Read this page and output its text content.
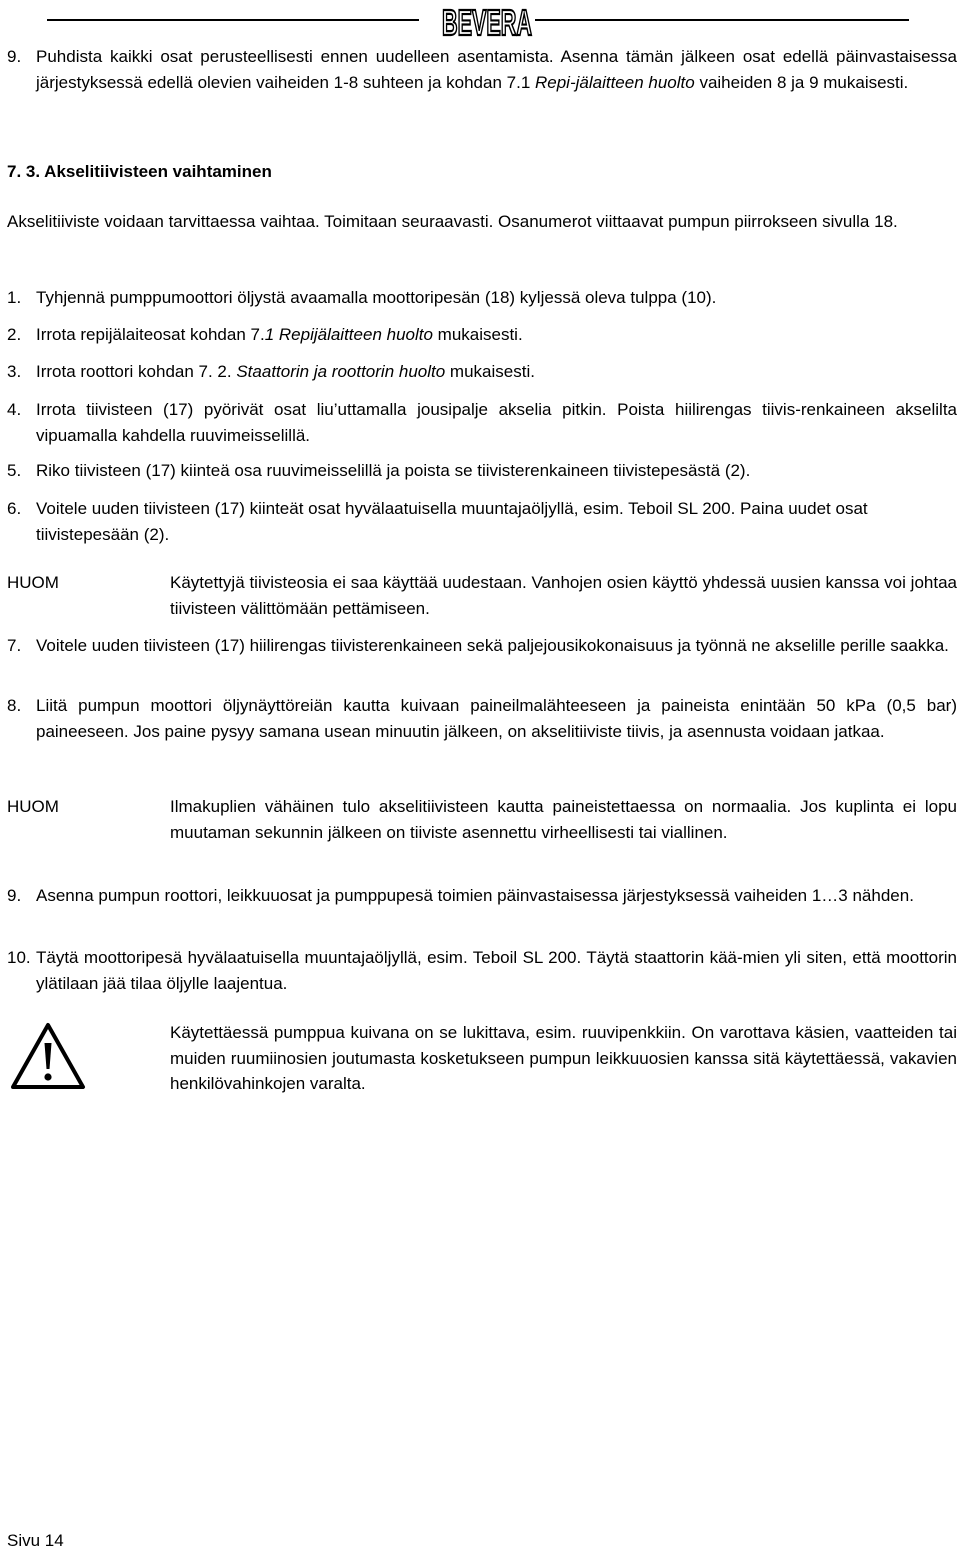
BEVERA
9. Puhdista kaikki osat perusteellisesti ennen uudelleen asentamista. Asenna tämän jälkeen osat edellä päinvastaisessa järjestyksessä edellä olevien vaiheiden 1-8 suhteen ja kohdan 7.1 Repi-jälaitteen huolto vaiheiden 8 ja 9 mukaisesti.

7. 3. Akselitiivisteen vaihtaminen

Akselitiiviste voidaan tarvittaessa vaihtaa. Toimitaan seuraavasti. Osanumerot viittaavat pumpun piirrokseen sivulla 18.

1. Tyhjennä pumppumoottori öljystä avaamalla moottoripesän (18) kyljessä oleva tulppa (10).

2. Irrota repijälaiteosat kohdan 7.1 Repijälaitteen huolto mukaisesti.

3. Irrota roottori kohdan 7. 2. Staattorin ja roottorin huolto mukaisesti.

4. Irrota tiivisteen (17) pyörivät osat liu’uttamalla jousipalje akselia pitkin. Poista hiilirengas tiivis-renkaineen akselilta vipuamalla kahdella ruuvimeisselillä.

5. Riko tiivisteen (17) kiinteä osa ruuvimeisselillä ja poista se tiivisterenkaineen tiivistepesästä (2).

6. Voitele uuden tiivisteen (17) kiinteät osat hyvälaatuisella muuntajaöljyllä, esim. Teboil SL 200. Paina uudet osat tiivistepesään (2).

HUOM	Käytettyjä tiivisteosia ei saa käyttää uudestaan. Vanhojen osien käyttö yhdessä uusien kanssa voi johtaa tiivisteen välittömään pettämiseen.

7. Voitele uuden tiivisteen (17) hiilirengas tiivisterenkaineen sekä paljejousikokonaisuus ja työnnä ne akselille perille saakka.

8. Liitä pumpun moottori öljynäyttöreiän kautta kuivaan paineilmalähteeseen ja paineista enintään 50 kPa (0,5 bar) paineeseen. Jos paine pysyy samana usean minuutin jälkeen, on akselitiiviste tiivis, ja asennusta voidaan jatkaa.

HUOM	Ilmakuplien vähäinen tulo akselitiivisteen kautta paineistettaessa on normaalia. Jos kuplinta ei lopu muutaman sekunnin jälkeen on tiiviste asennettu virheellisesti tai viallinen.

9. Asenna pumpun roottori, leikkuuosat ja pumppupesä toimien päinvastaisessa järjestyksessä vaiheiden 1…3 nähden.

10. Täytä moottoripesä hyvälaatuisella muuntajaöljyllä, esim. Teboil SL 200. Täytä staattorin kää-mien yli siten, että moottorin ylätilaan jää tilaa öljylle laajentua.

Käytettäessä pumppua kuivana on se lukittava, esim. ruuvipenkkiin. On varottava käsien, vaatteiden tai muiden ruumiinosien joutumasta kosketukseen pumpun leikkuuosien kanssa sitä käytettäessä, vakavien henkilövahinkojen varalta.

Sivu 14
